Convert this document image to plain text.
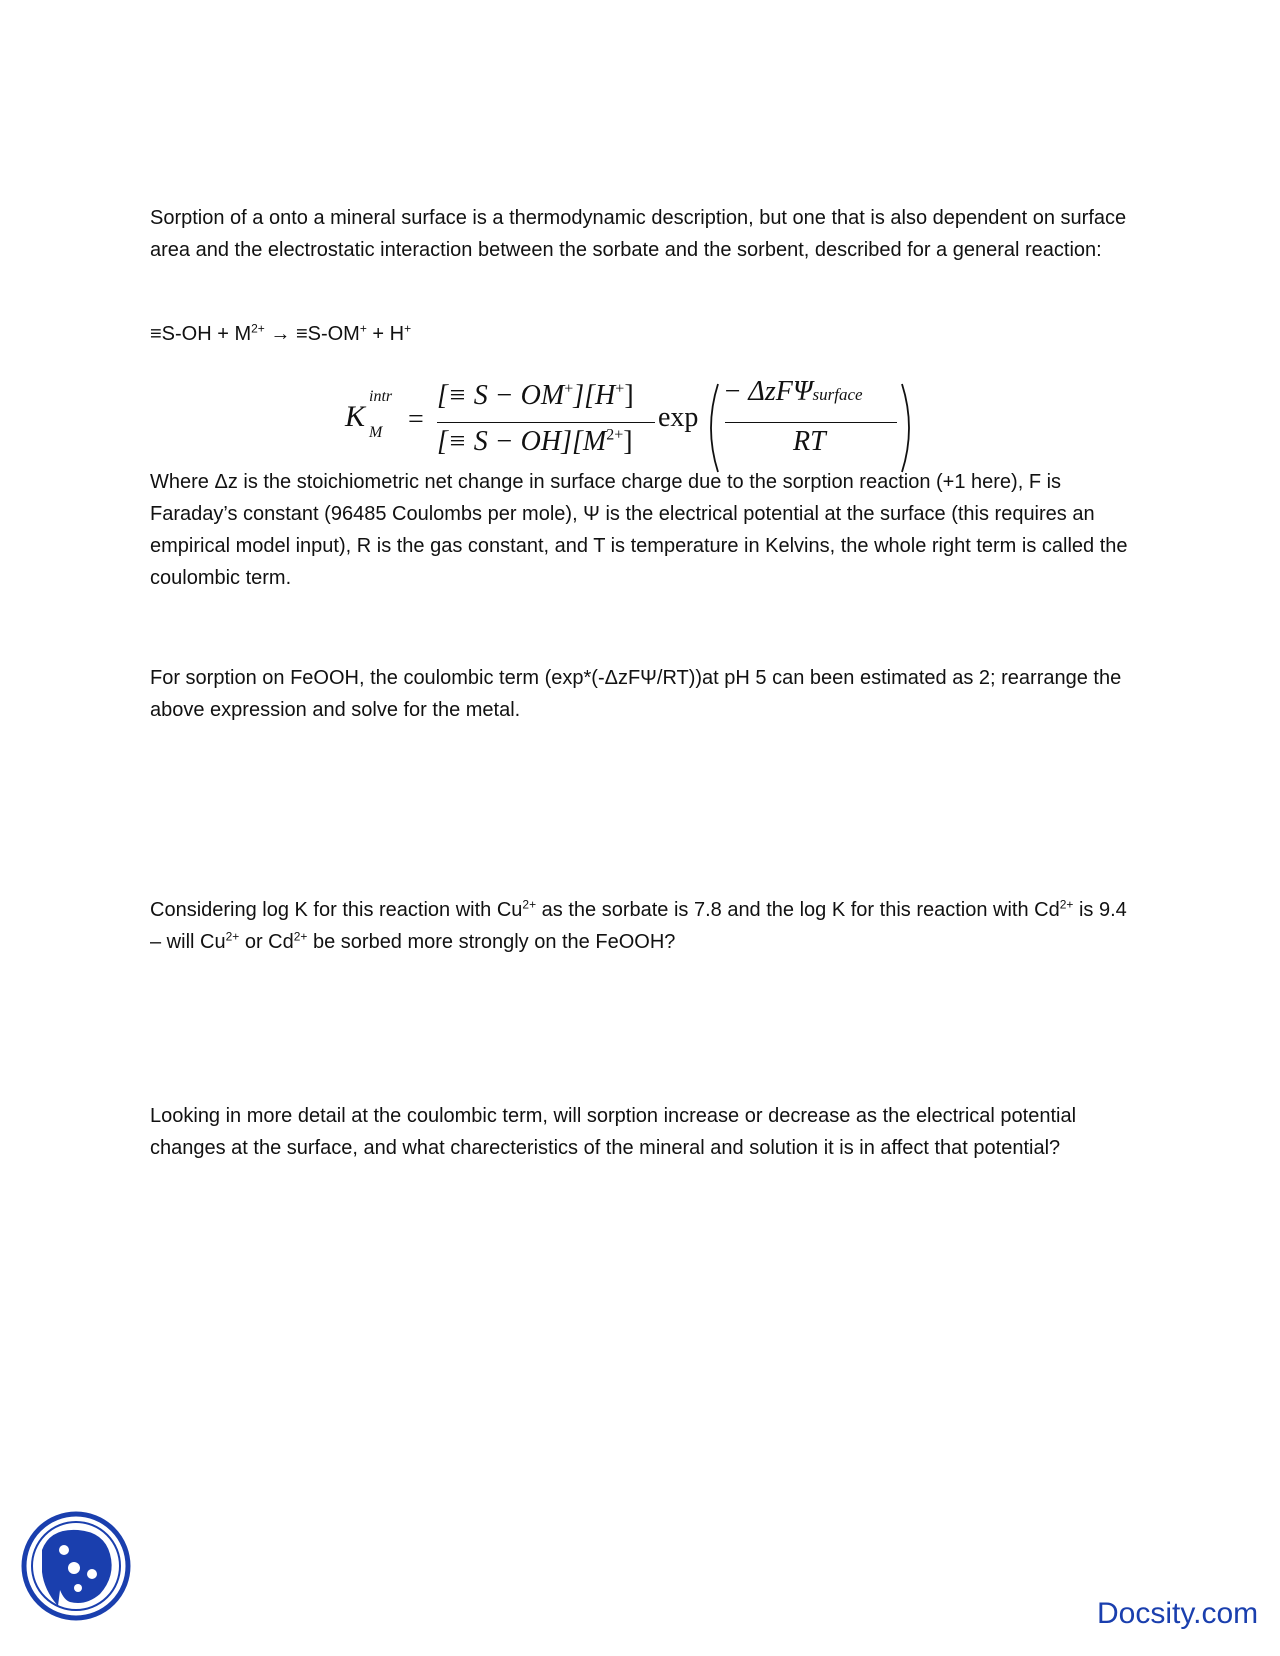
Sorption of a onto a mineral surface is a thermodynamic description, but one that is also dependent on surface area and the electrostatic interaction between the sorbate and the sorbent, described for a general reaction:

$\equiv S-OH + M^{2+} \to \equiv S-OM^+ + H^+$
K
intr
M =
[≡ S − OM+][H+]
[≡ $S - OH][M^{2+}]$
exp
− ΔzFΨsurface
RT

Where Δz is the stoichiometric net change in surface charge due to the sorption reaction (+1 here), F is Faraday’s constant (96485 Coulombs per mole), Ψ is the electrical potential at the surface (this requires an empirical model input), R is the gas constant, and T is temperature in Kelvins, the whole right term is called the coulombic term.

For sorption on FeOOH, the coulombic term (exp*(-ΔzFΨ/RT))at pH 5 can been estimated as 2; rearrange the above expression and solve for the metal.

Considering log K for this reaction with $Cu^{2+}$ as the sorbate is 7.8 and the log K for this reaction with $Cd^{2+}$ is 9.4 – will $Cu^{2+}$ or $Cd^{2+}$ be sorbed more strongly on the FeOOH?

Looking in more detail at the coulombic term, will sorption increase or decrease as the electrical potential changes at the surface, and what charecteristics of the mineral and solution it is in affect that potential?

Docsity.com
